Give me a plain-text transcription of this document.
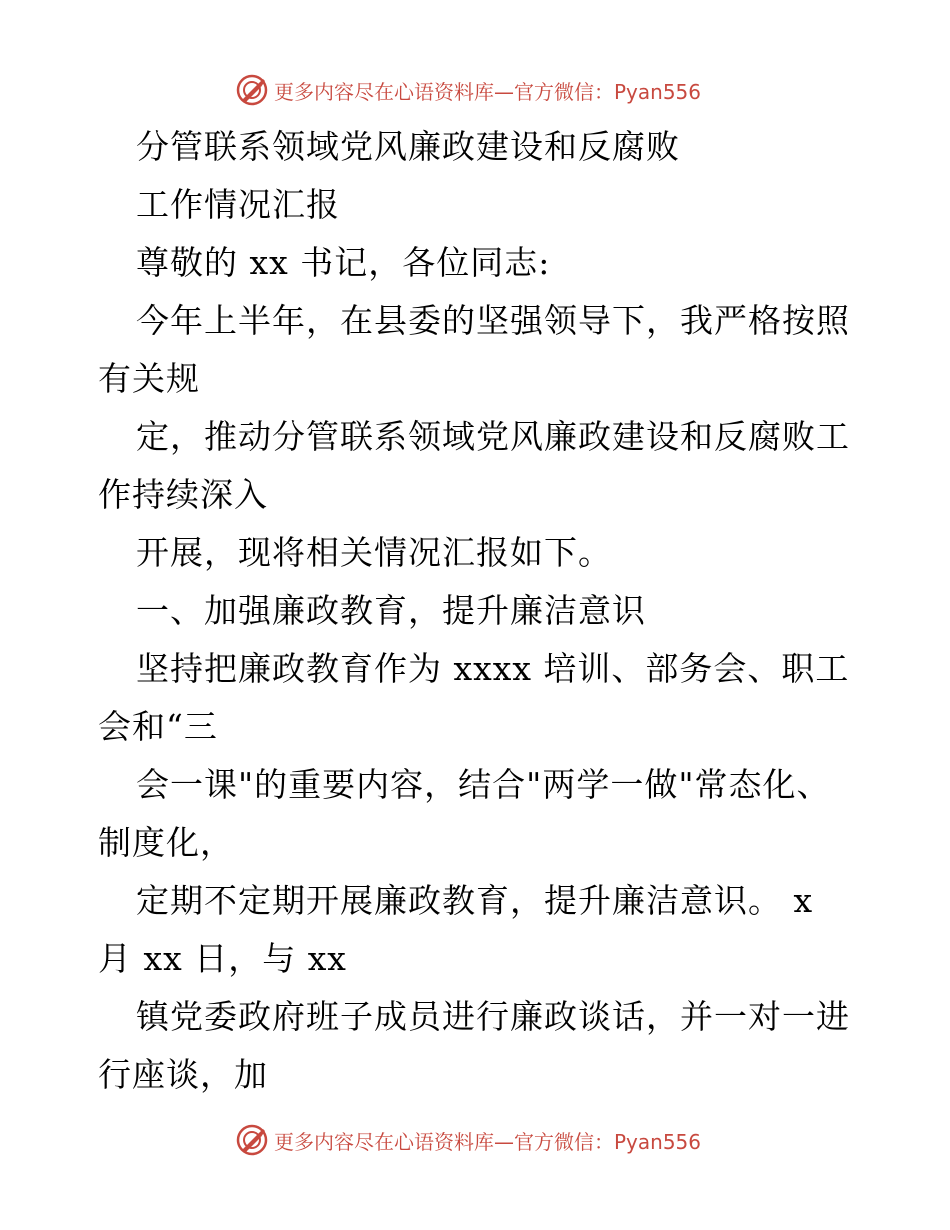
更多内容尽在心语资料库—官方微信：Pyan556
分管联系领域党风廉政建设和反腐败
工作情况汇报
尊敬的 xx 书记，各位同志:
今年上半年，在县委的坚强领导下，我严格按照
有关规
定，推动分管联系领域党风廉政建设和反腐败工
作持续深入
开展，现将相关情况汇报如下。
一、加强廉政教育，提升廉洁意识
坚持把廉政教育作为 xxxx 培训、部务会、职工
会和“三
会一课"的重要内容，结合"两学一做"常态化、
制度化，
定期不定期开展廉政教育，提升廉洁意识。 x
月 xx 日，与 xx
镇党委政府班子成员进行廉政谈话，并一对一进
行座谈，加
更多内容尽在心语资料库—官方微信：Pyan556
